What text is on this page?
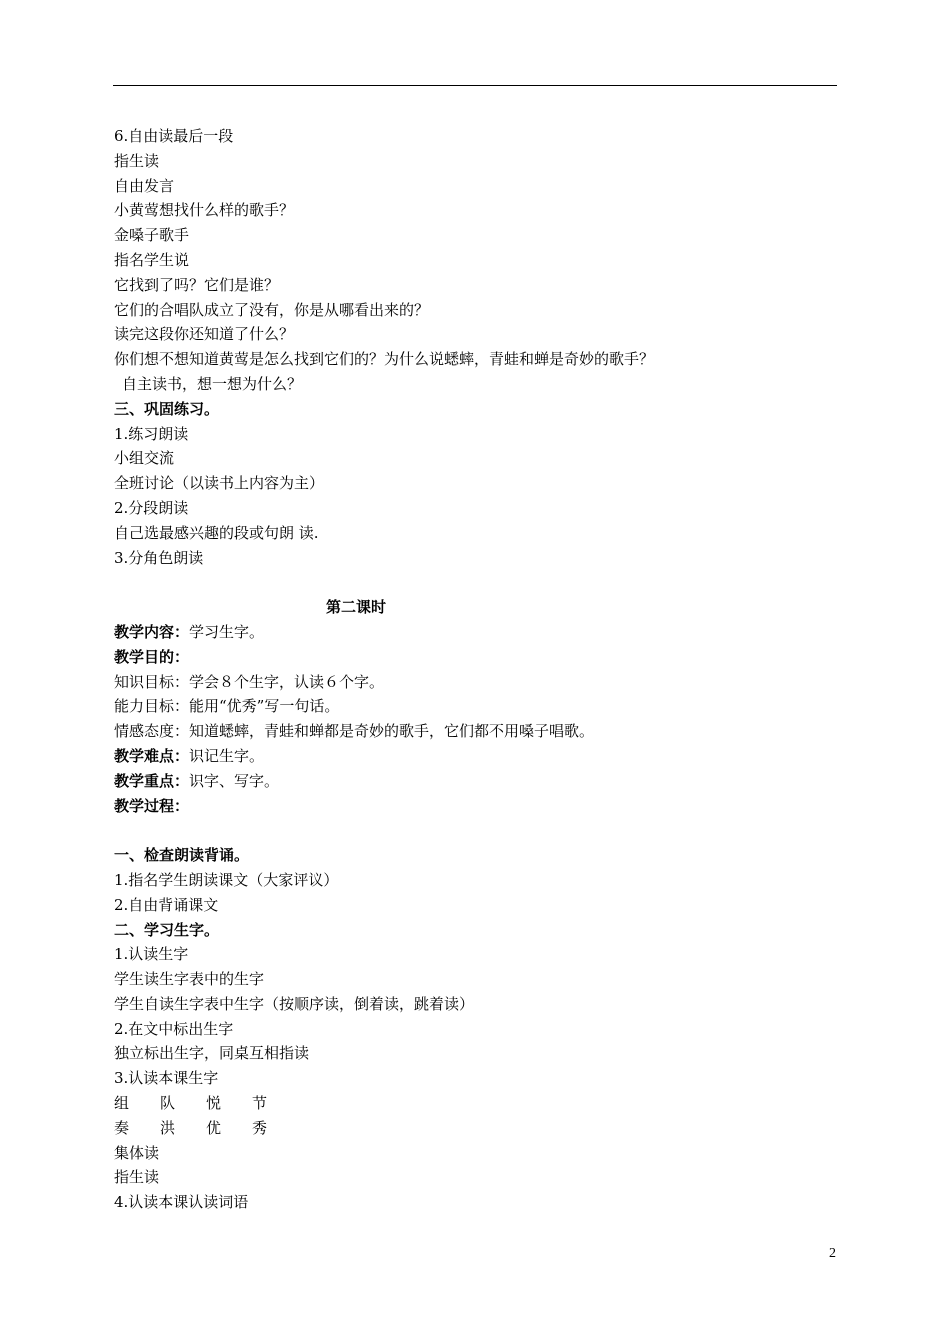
6.自由读最后一段
指生读
自由发言
小黄莺想找什么样的歌手？
金嗓子歌手
指名学生说
它找到了吗？它们是谁？
它们的合唱队成立了没有，你是从哪看出来的？
读完这段你还知道了什么？
你们想不想知道黄莺是怎么找到它们的？为什么说蟋蟀，青蛙和蝉是奇妙的歌手？
自主读书，想一想为什么？
三、巩固练习。
1.练习朗读
小组交流
全班讨论（以读书上内容为主）
2.分段朗读
自己选最感兴趣的段或句朗 读.
3.分角色朗读
第二课时
教学内容：学习生字。
教学目的：
知识目标：学会８个生字，认读６个字。
能力目标：能用“优秀”写一句话。
情感态度：知道蟋蟀，青蛙和蝉都是奇妙的歌手，它们都不用嗓子唱歌。
教学难点：识记生字。
教学重点：识字、写字。
教学过程：
一、检查朗读背诵。
1.指名学生朗读课文（大家评议）
2.自由背诵课文
二、学习生字。
1.认读生字
学生读生字表中的生字
学生自读生字表中生字（按顺序读，倒着读，跳着读）
2.在文中标出生字
独立标出生字，同桌互相指读
3.认读本课生字
组 队 悦 节
奏 洪 优 秀
集体读
指生读
4.认读本课认读词语
2
